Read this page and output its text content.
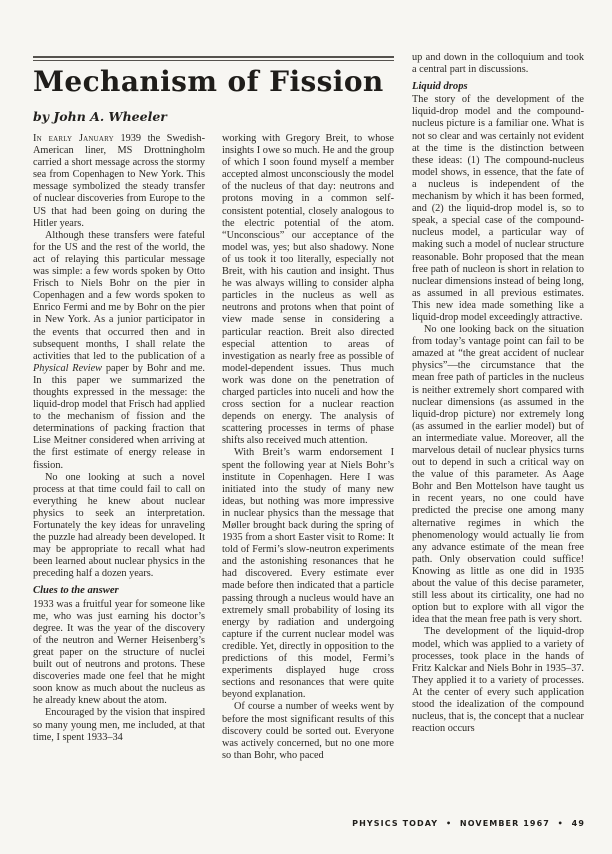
Mechanism of Fission
by John A. Wheeler

In early January 1939 the Swedish-American liner, MS Drottningholm carried a short message across the stormy sea from Copenhagen to New York. This message symbolized the steady transfer of nuclear discoveries from Europe to the US that had been going on during the Hitler years.

Although these transfers were fateful for the US and the rest of the world, the act of relaying this particular message was simple: a few words spoken by Otto Frisch to Niels Bohr on the pier in Copenhagen and a few words spoken to Enrico Fermi and me by Bohr on the pier in New York. As a junior participator in the events that occurred then and in subsequent months, I shall relate the activities that led to the publication of a Physical Review paper by Bohr and me. In this paper we summarized the thoughts expressed in the message: the liquid-drop model that Frisch had applied to the mechanism of fission and the determinations of packing fraction that Lise Meitner considered when arriving at the first estimate of energy release in fission.

No one looking at such a novel process at that time could fail to call on everything he knew about nuclear physics to seek an interpretation. Fortunately the key ideas for unraveling the puzzle had already been developed. It may be appropriate to recall what had been learned about nuclear physics in the preceding half a dozen years.

Clues to the answer

1933 was a fruitful year for someone like me, who was just earning his doctor’s degree. It was the year of the discovery of the neutron and Werner Heisenberg’s great paper on the structure of nuclei built out of neutrons and protons. These discoveries made one feel that he might soon know as much about the nucleus as he already knew about the atom.

Encouraged by the vision that inspired so many young men, me included, at that time, I spent 1933–34

working with Gregory Breit, to whose insights I owe so much. He and the group of which I soon found myself a member accepted almost unconsciously the model of the nucleus of that day: neutrons and protons moving in a common self-consistent potential, closely analogous to the electric potential of the atom. “Unconscious” our acceptance of the model was, yes; but also shadowy. None of us took it too literally, especially not Breit, with his caution and insight. Thus he was always willing to consider alpha particles in the nucleus as well as neutrons and protons when that point of view made sense in considering a particular reaction. Breit also directed especial attention to areas of investigation as nearly free as possible of model-dependent issues. Thus much work was done on the penetration of charged particles into nuceli and how the cross section for a nuclear reaction depends on energy. The analysis of scattering processes in terms of phase shifts also received much attention.

With Breit’s warm endorsement I spent the following year at Niels Bohr’s institute in Copenhagen. Here I was initiated into the study of many new ideas, but nothing was more impressive in nuclear physics than the message that Møller brought back during the spring of 1935 from a short Easter visit to Rome: It told of Fermi’s slow-neutron experiments and the astonishing resonances that he had discovered. Every estimate ever made before then indicated that a particle passing through a nucleus would have an extremely small probability of losing its energy by radiation and undergoing capture if the current nuclear model was credible. Yet, directly in opposition to the predictions of this model, Fermi’s experiments displayed huge cross sections and resonances that were quite beyond explanation.

Of course a number of weeks went by before the most significant results of this discovery could be sorted out. Everyone was actively concerned, but no one more so than Bohr, who paced

up and down in the colloquium and took a central part in discussions.

Liquid drops

The story of the development of the liquid-drop model and the compound-nucleus picture is a familiar one. What is not so clear and was certainly not evident at the time is the distinction between these ideas: (1) The compound-nucleus model shows, in essence, that the fate of a nucleus is independent of the mechanism by which it has been formed, and (2) the liquid-drop model is, so to speak, a special case of the compound-nucleus model, a particular way of making such a model of nuclear structure reasonable. Bohr proposed that the mean free path of nucleon is short in relation to nuclear dimensions instead of being long, as assumed in all previous estimates. This new idea made something like a liquid-drop model exceedingly attractive.

No one looking back on the situation from today’s vantage point can fail to be amazed at “the great accident of nuclear physics”—the circumstance that the mean free path of particles in the nucleus is neither extremely short compared with nuclear dimensions (as assumed in the liquid-drop picture) nor extremely long (as assumed in the earlier model) but of an intermediate value. Moreover, all the marvelous detail of nuclear physics turns out to depend in such a critical way on the value of this parameter. As Aage Bohr and Ben Mottelson have taught us in recent years, no one could have predicted the precise one among many alternative regimes in which the phenomenology would actually lie from any advance estimate of the mean free path. Only observation could suffice! Knowing as little as one did in 1935 about the value of this decise parameter, still less about its cirticality, one had no option but to explore with all vigor the idea that the mean free path is very short.

The development of the liquid-drop model, which was applied to a variety of processes, took place in the hands of Fritz Kalckar and Niels Bohr in 1935–37. They applied it to a variety of processes. At the center of every such application stood the idealization of the compound nucleus, that is, the concept that a nuclear reaction occurs

PHYSICS TODAY  •  NOVEMBER 1967  •  49
